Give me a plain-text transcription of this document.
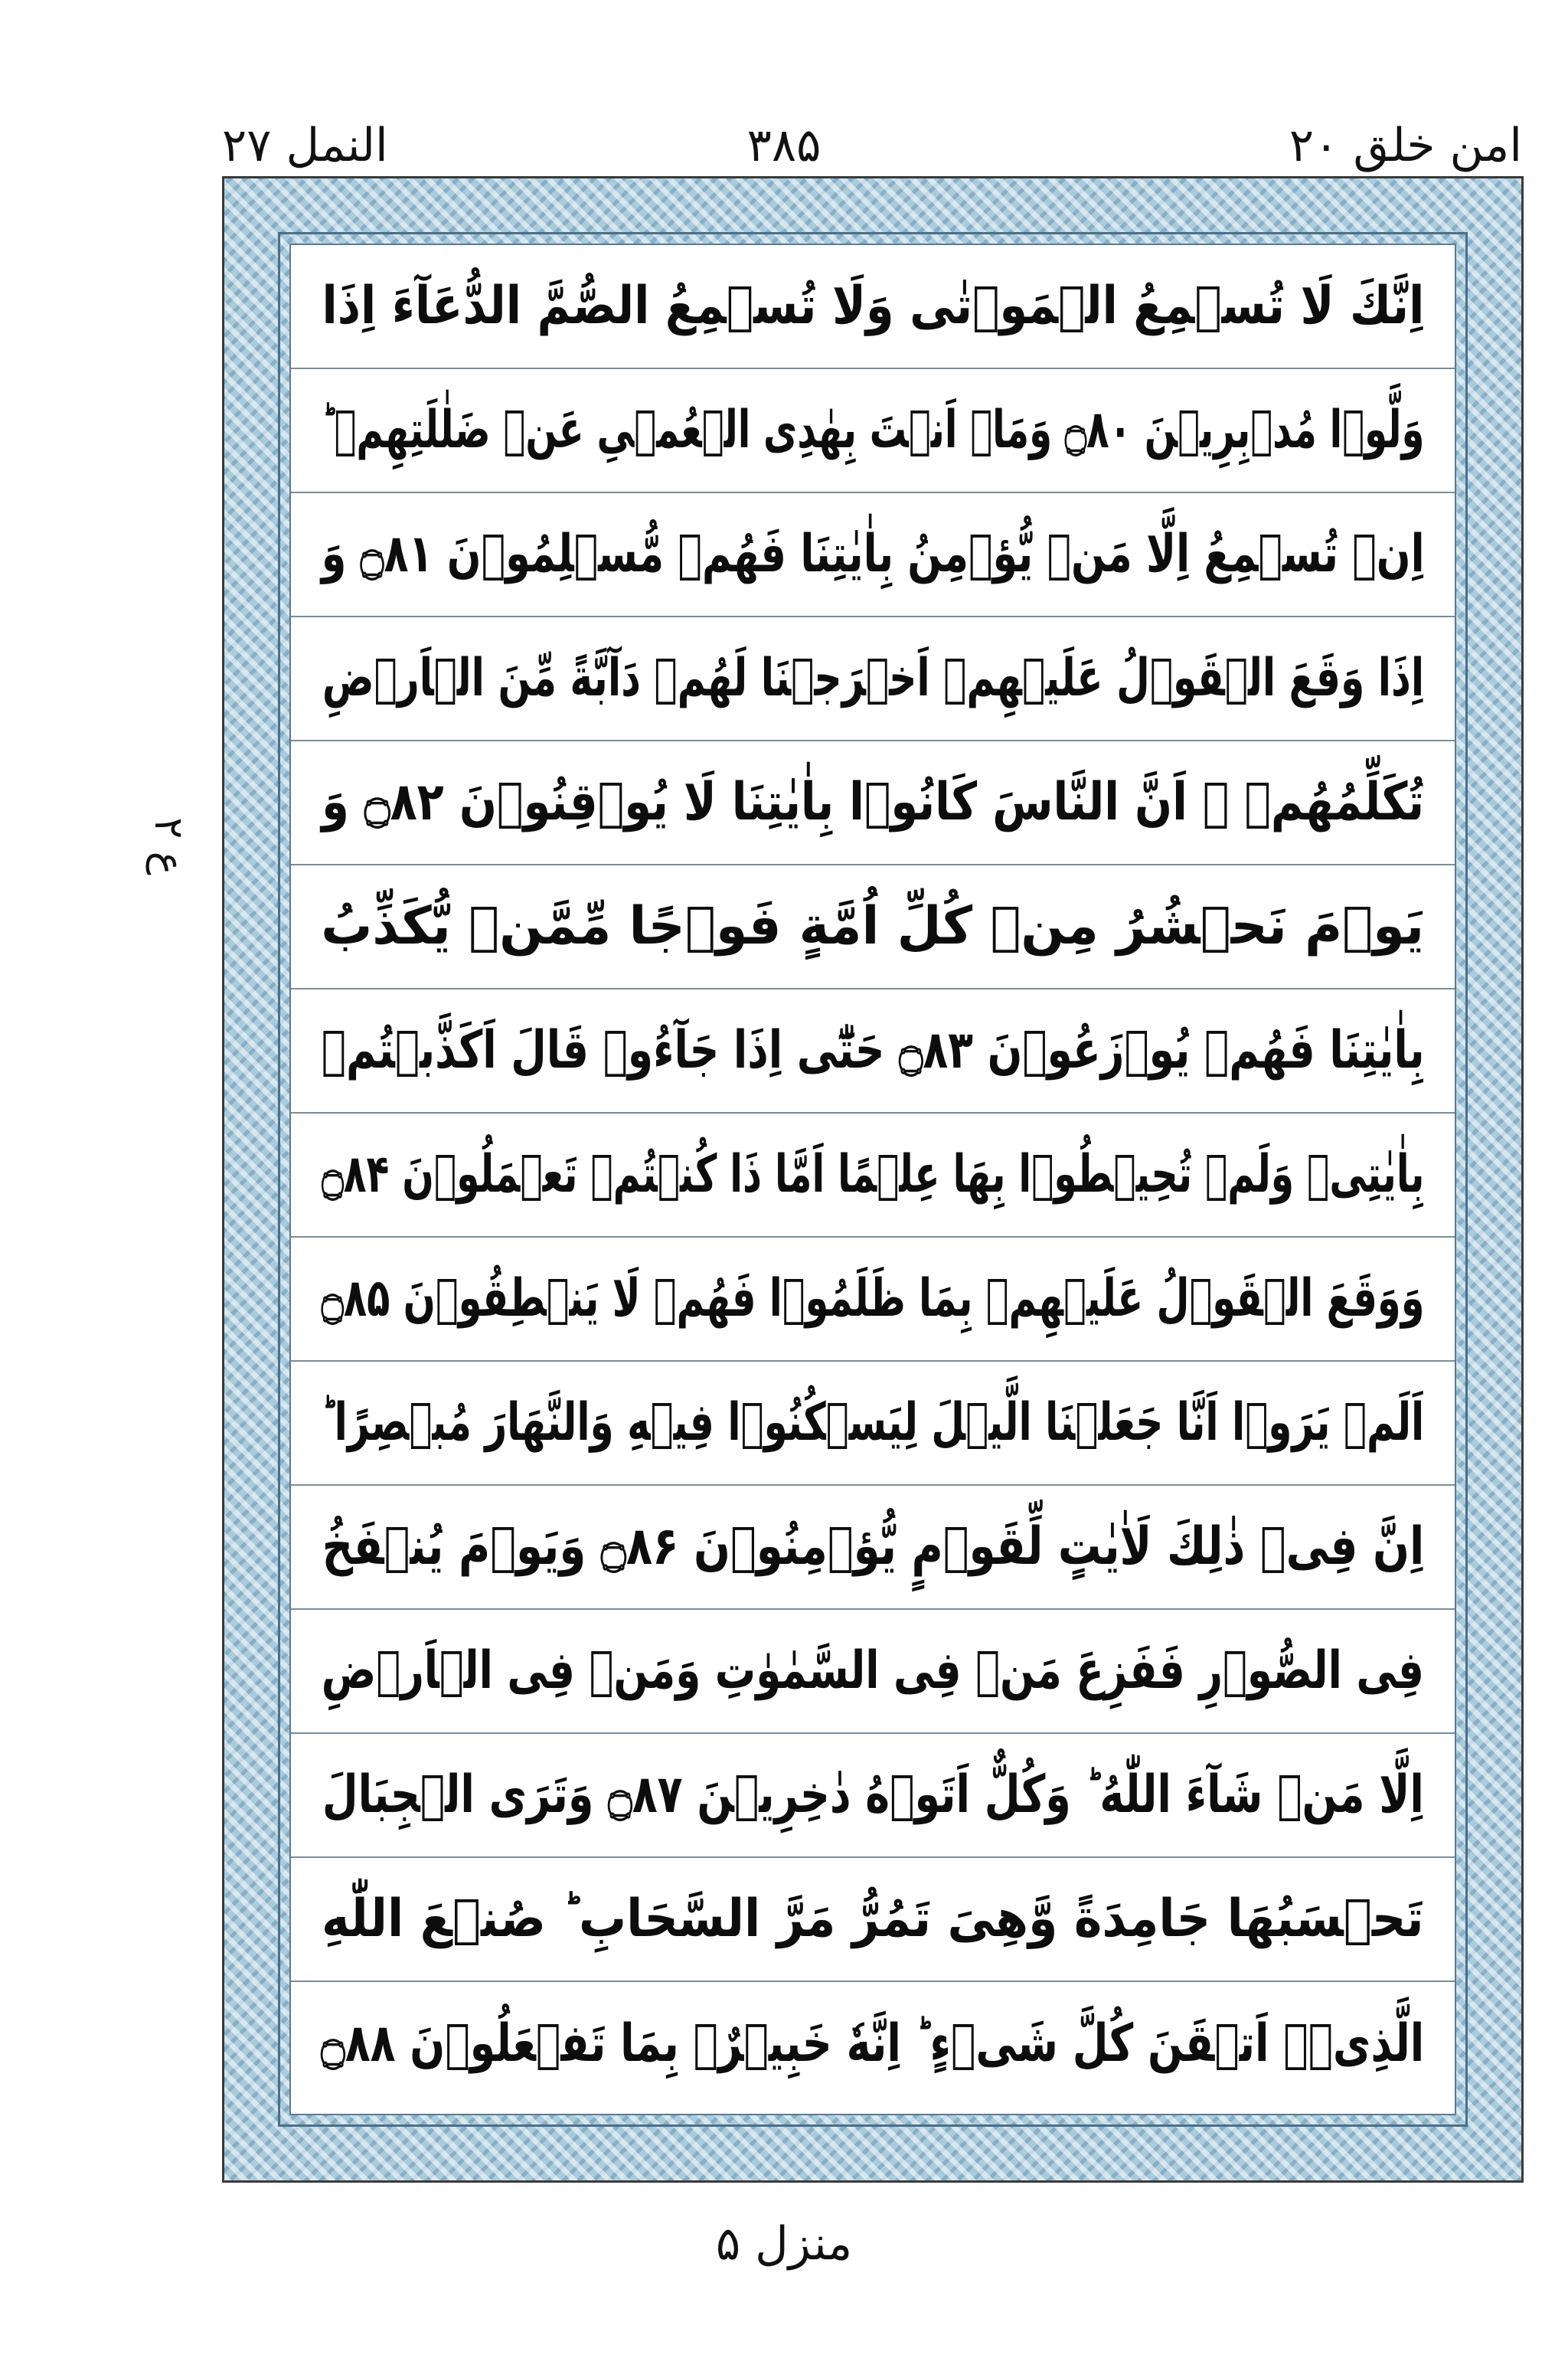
امن خلق ۲۰
۳۸۵
النمل ۲۷
ع ۲
اِنَّكَ لَا تُسۡمِعُ الۡمَوۡتٰى وَلَا تُسۡمِعُ الصُّمَّ الدُّعَآءَ اِذَا
وَلَّوۡا مُدۡبِرِيۡنَ ۝۸۰ وَمَاۤ اَنۡتَ بِهٰدِى الۡعُمۡىِ عَنۡ ضَلٰلَتِهِمۡ ؕ
اِنۡ تُسۡمِعُ اِلَّا مَنۡ يُّؤۡمِنُ بِاٰيٰتِنَا فَهُمۡ مُّسۡلِمُوۡنَ ۝۸۱ وَ
اِذَا وَقَعَ الۡقَوۡلُ عَلَيۡهِمۡ اَخۡرَجۡنَا لَهُمۡ دَآبَّةً مِّنَ الۡاَرۡضِ
تُكَلِّمُهُمۡ ۙ اَنَّ النَّاسَ كَانُوۡا بِاٰيٰتِنَا لَا يُوۡقِنُوۡنَ ۝۸۲ وَ
يَوۡمَ نَحۡشُرُ مِنۡ كُلِّ اُمَّةٍ فَوۡجًا مِّمَّنۡ يُّكَذِّبُ
بِاٰيٰتِنَا فَهُمۡ يُوۡزَعُوۡنَ ۝۸۳ حَتّٰٓى اِذَا جَآءُوۡ قَالَ اَكَذَّبۡتُمۡ
بِاٰيٰتِىۡ وَلَمۡ تُحِيۡطُوۡا بِهَا عِلۡمًا اَمَّا ذَا كُنۡتُمۡ تَعۡمَلُوۡنَ ۝۸۴
وَوَقَعَ الۡقَوۡلُ عَلَيۡهِمۡ بِمَا ظَلَمُوۡا فَهُمۡ لَا يَنۡطِقُوۡنَ ۝۸۵
اَلَمۡ يَرَوۡا اَنَّا جَعَلۡنَا الَّيۡلَ لِيَسۡكُنُوۡا فِيۡهِ وَالنَّهَارَ مُبۡصِرًا ؕ
اِنَّ فِىۡ ذٰلِكَ لَاٰيٰتٍ لِّقَوۡمٍ يُّؤۡمِنُوۡنَ ۝۸۶ وَيَوۡمَ يُنۡفَخُ
فِى الصُّوۡرِ فَفَزِعَ مَنۡ فِى السَّمٰوٰتِ وَمَنۡ فِى الۡاَرۡضِ
اِلَّا مَنۡ شَآءَ اللّٰهُ ؕ وَكُلٌّ اَتَوۡهُ دٰخِرِيۡنَ ۝۸۷ وَتَرَى الۡجِبَالَ
تَحۡسَبُهَا جَامِدَةً وَّهِىَ تَمُرُّ مَرَّ السَّحَابِ ؕ صُنۡعَ اللّٰهِ
الَّذِىۡۤ اَتۡقَنَ كُلَّ شَىۡءٍ ؕ اِنَّهٗ خَبِيۡرٌۢ بِمَا تَفۡعَلُوۡنَ ۝۸۸
منزل ۵
